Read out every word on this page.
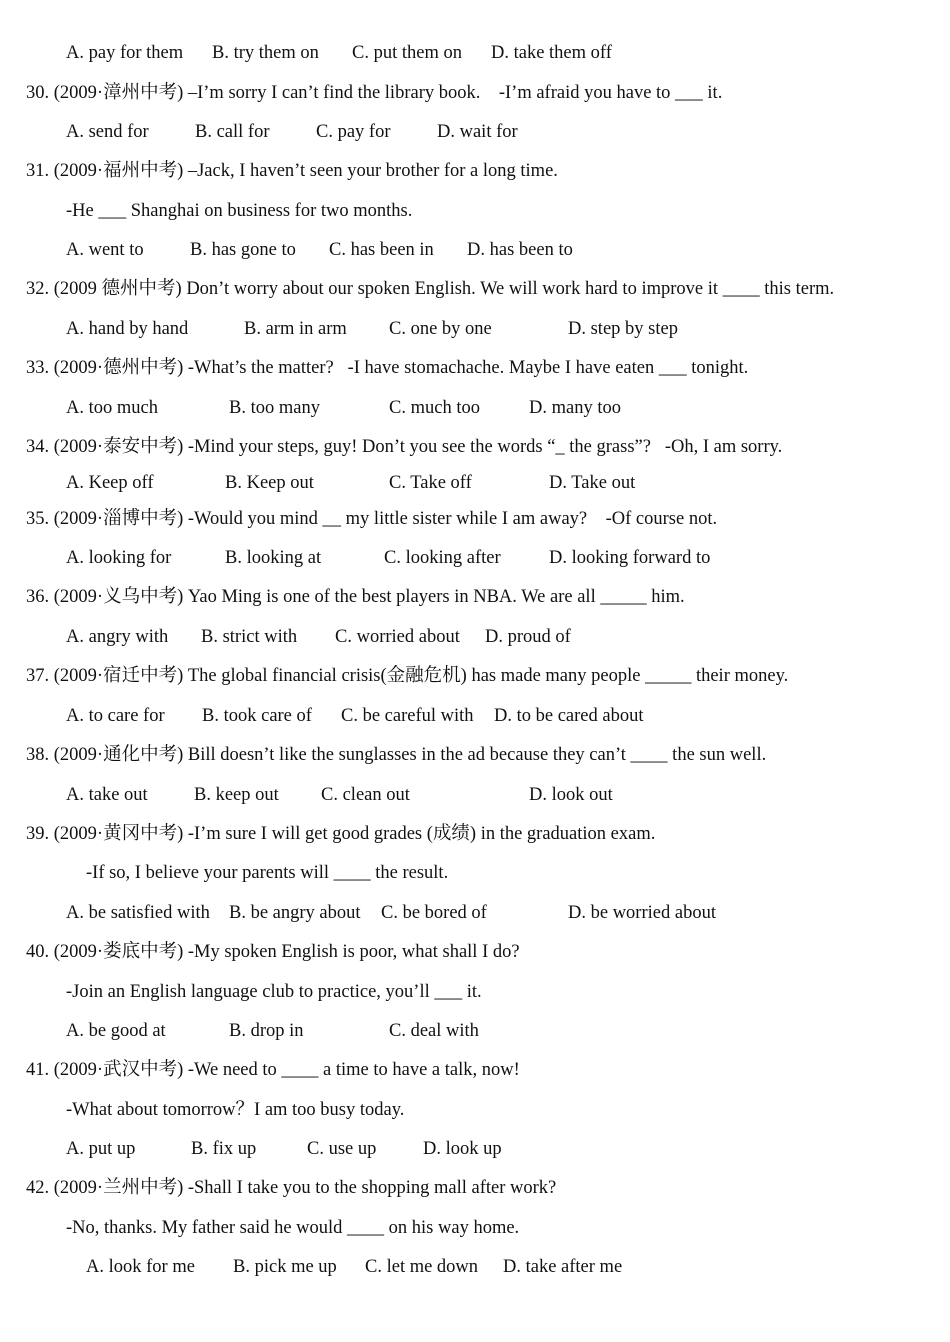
A. pay for them B. try them on C. put them on D. take them off
30. (2009·漳州中考) –I’m sorry I can’t find the library book.    -I’m afraid you have to ___ it.
A. send for	B. call for	C. pay for	D. wait for
31. (2009·福州中考) –Jack, I haven’t seen your brother for a long time.
-He ___ Shanghai on business for two months.
A. went to	B. has gone to C. has been in D. has been to
32. (2009 德州中考) Don’t worry about our spoken English. We will work hard to improve it ____ this term.
A. hand by hand	B. arm in arm C. one by one	D. step by step
33. (2009·德州中考) -What’s the matter?   -I have stomachache. Maybe I have eaten ___ tonight.
A. too much	B. too many	C. much too	D. many too
34. (2009·泰安中考) -Mind your steps, guy! Don’t you see the words “_ the grass”?   -Oh, I am sorry.
A. Keep off	B. Keep out	C. Take off	D. Take out
35. (2009·淄博中考) -Would you mind __ my little sister while I am away?    -Of course not.
A. looking for	B. looking at	C. looking after	D. looking forward to
36. (2009·义乌中考) Yao Ming is one of the best players in NBA. We are all _____ him.
A. angry with B. strict with C. worried about D. proud of
37. (2009·宿迁中考) The global financial crisis(金融危机) has made many people _____ their money.
A. to care for B. took care of C. be careful with D. to be cared about
38. (2009·通化中考) Bill doesn’t like the sunglasses in the ad because they can’t ____ the sun well.
A. take out	B. keep out C. clean out	D. look out
39. (2009·黄冈中考) -I’m sure I will get good grades (成绩) in the graduation exam.
-If so, I believe your parents will ____ the result.
A. be satisfied with B. be angry about C. be bored of	D. be worried about
40. (2009·娄底中考) -My spoken English is poor, what shall I do?
-Join an English language club to practice, you’ll ___ it.
A. be good at	B. drop in	C. deal with
41. (2009·武汉中考) -We need to ____ a time to have a talk, now!
-What about tomorrow？I am too busy today.
A. put up	B. fix up	C. use up	D. look up
42. (2009·兰州中考) -Shall I take you to the shopping mall after work?
-No, thanks. My father said he would ____ on his way home.
A. look for me B. pick me up C. let me down D. take after me
